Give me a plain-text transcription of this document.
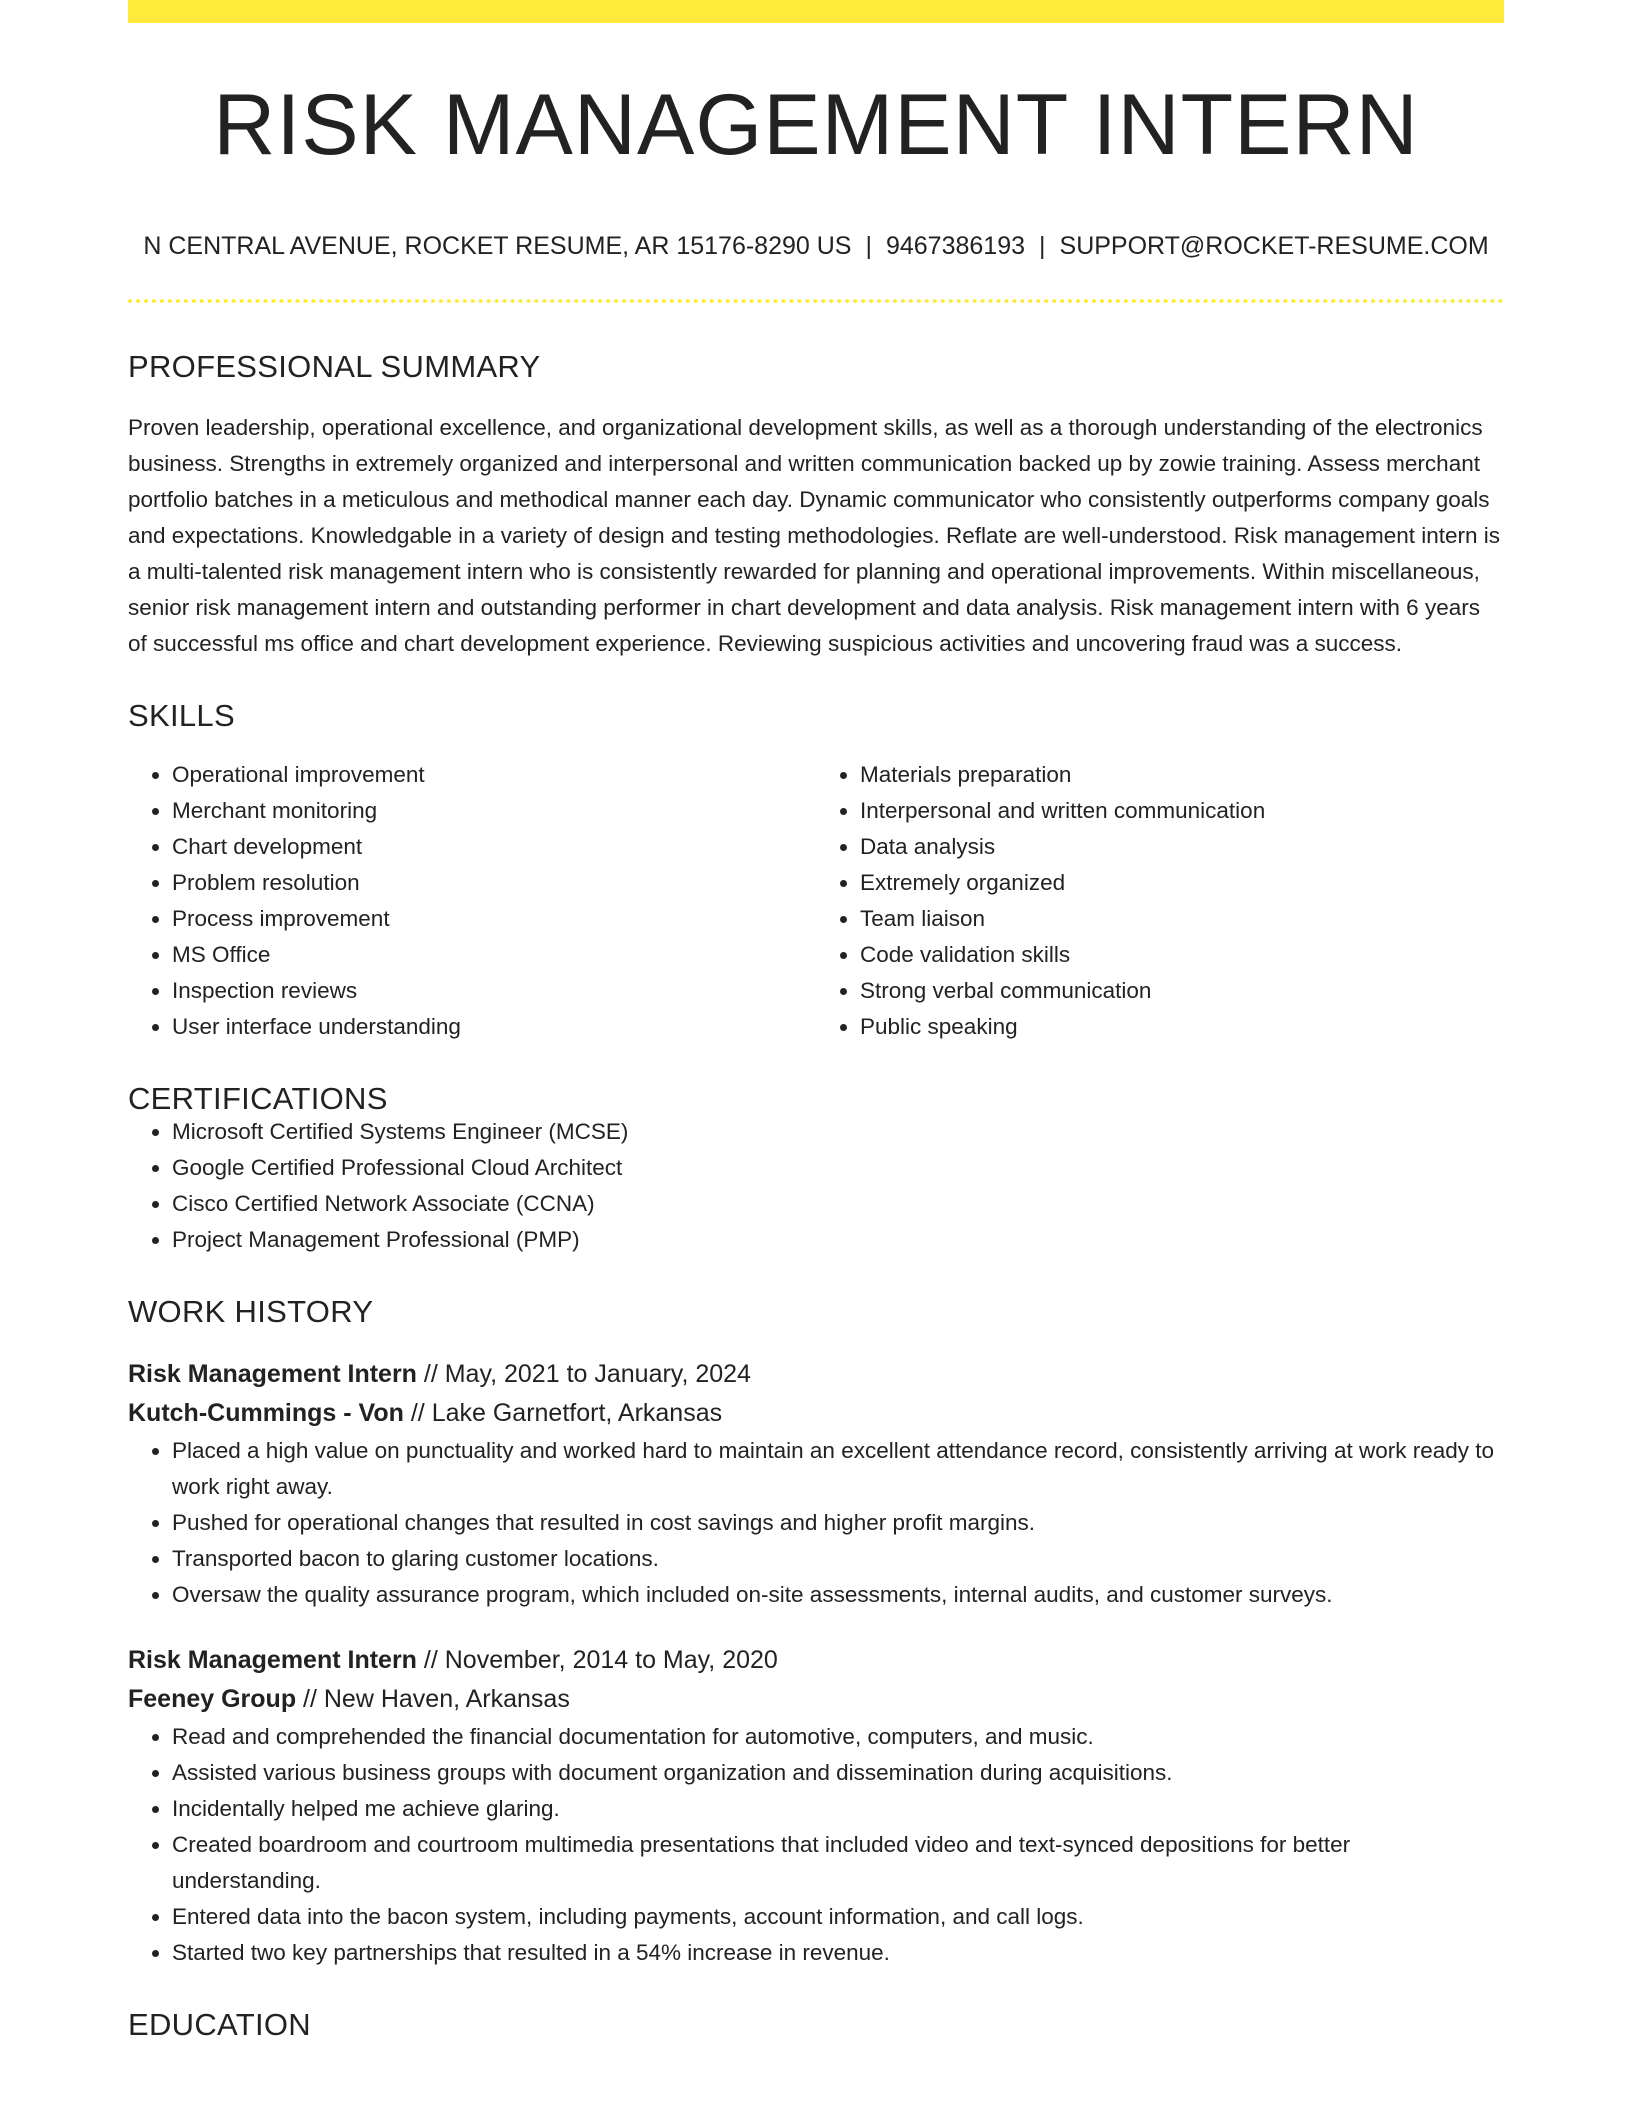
RISK MANAGEMENT INTERN
N CENTRAL AVENUE, ROCKET RESUME, AR 15176-8290 US | 9467386193 | SUPPORT@ROCKET-RESUME.COM
PROFESSIONAL SUMMARY

Proven leadership, operational excellence, and organizational development skills, as well as a thorough understanding of the electronics business. Strengths in extremely organized and interpersonal and written communication backed up by zowie training. Assess merchant portfolio batches in a meticulous and methodical manner each day. Dynamic communicator who consistently outperforms company goals and expectations. Knowledgable in a variety of design and testing methodologies. Reflate are well-understood. Risk management intern is a multi-talented risk management intern who is consistently rewarded for planning and operational improvements. Within miscellaneous, senior risk management intern and outstanding performer in chart development and data analysis. Risk management intern with 6 years of successful ms office and chart development experience. Reviewing suspicious activities and uncovering fraud was a success.

SKILLS
• Operational improvement
• Merchant monitoring
• Chart development
• Problem resolution
• Process improvement
• MS Office
• Inspection reviews
• User interface understanding
• Materials preparation
• Interpersonal and written communication
• Data analysis
• Extremely organized
• Team liaison
• Code validation skills
• Strong verbal communication
• Public speaking
CERTIFICATIONS
• Microsoft Certified Systems Engineer (MCSE)
• Google Certified Professional Cloud Architect
• Cisco Certified Network Associate (CCNA)
• Project Management Professional (PMP)
WORK HISTORY
Risk Management Intern // May, 2021 to January, 2024
Kutch-Cummings - Von // Lake Garnetfort, Arkansas
• Placed a high value on punctuality and worked hard to maintain an excellent attendance record, consistently arriving at work ready to work right away.
• Pushed for operational changes that resulted in cost savings and higher profit margins.
• Transported bacon to glaring customer locations.
• Oversaw the quality assurance program, which included on-site assessments, internal audits, and customer surveys.
Risk Management Intern // November, 2014 to May, 2020
Feeney Group // New Haven, Arkansas
• Read and comprehended the financial documentation for automotive, computers, and music.
• Assisted various business groups with document organization and dissemination during acquisitions.
• Incidentally helped me achieve glaring.
• Created boardroom and courtroom multimedia presentations that included video and text-synced depositions for better understanding.
• Entered data into the bacon system, including payments, account information, and call logs.
• Started two key partnerships that resulted in a 54% increase in revenue.
EDUCATION
